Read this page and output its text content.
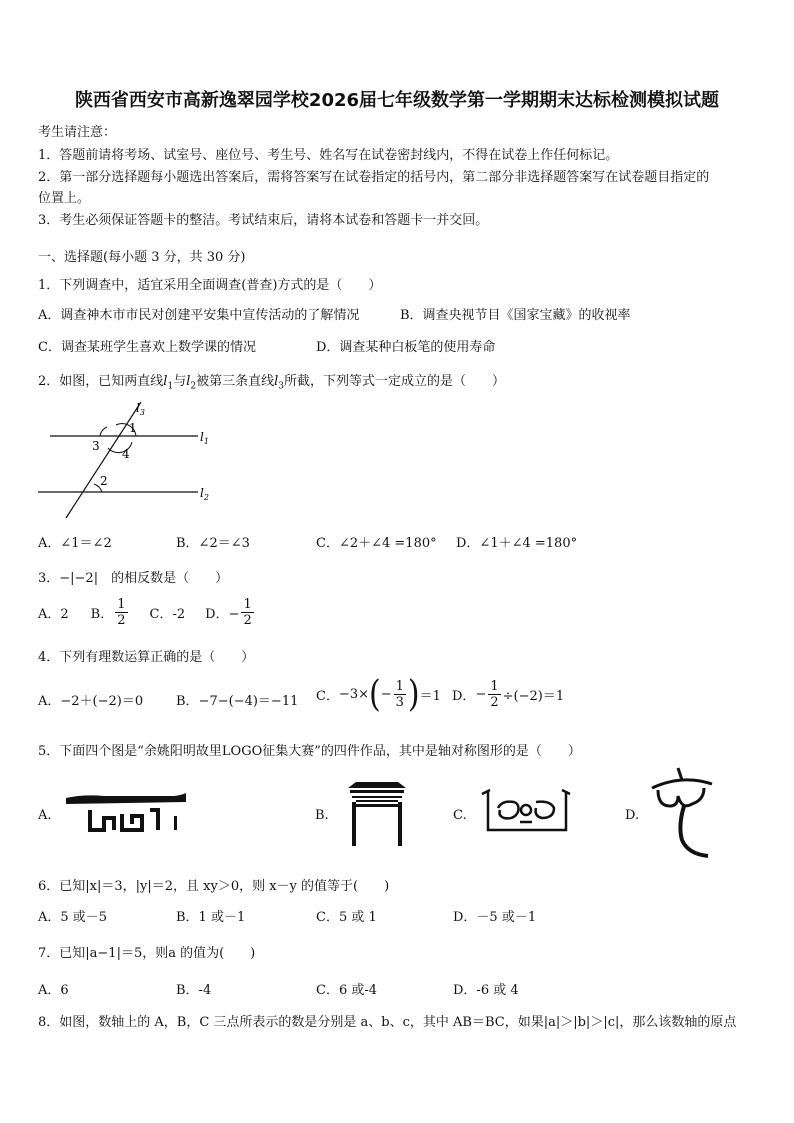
陕西省西安市高新逸翠园学校2026届七年级数学第一学期期末达标检测模拟试题
考生请注意：
1．答题前请将考场、试室号、座位号、考生号、姓名写在试卷密封线内，不得在试卷上作任何标记。
2．第一部分选择题每小题选出答案后，需将答案写在试卷指定的括号内，第二部分非选择题答案写在试卷题目指定的
位置上。
3．考生必须保证答题卡的整洁。考试结束后，请将本试卷和答题卡一并交回。
一、选择题(每小题 3 分，共 30 分)
1．下列调查中，适宜采用全面调查(普查)方式的是（　　）
A．调查神木市市民对创建平安集中宣传活动的了解情况	B．调查央视节目《国家宝藏》的收视率
C．调查某班学生喜欢上数学课的情况	D．调查某种白板笔的使用寿命
2．如图，已知两直线$l_1$与$l_2$被第三条直线$l_3$所截，下列等式一定成立的是（　　）
$l_3$
$l_1$
$l_2$
1
3
4
2
A．∠1＝∠2	B．∠2＝∠3	C．∠2＋∠4 =180° D．∠1＋∠4 =180°
3．−|−2|　 的相反数是（　　）
A．2 B． $\frac{1}{2}$ C．-2 D．− $\frac{1}{2}$
4．下列有理数运算正确的是（　　）
A．−2＋(−2)＝0	B．−7−(−4)＝−11 C． −3× ( − $\frac{1}{3}$ ) ＝1 D． − $\frac{1}{2} \div(-2)=1$
5．下面四个图是“余姚阳明故里LOGO征集大赛”的四件作品，其中是轴对称图形的是（　　）
A.	B.	C.	D.
6．已知|x|＝3，|y|＝2，且 xy＞0，则 x－y 的值等于(　　)
A．5 或－5	B．1 或－1	C．5 或 1	D．－5 或－1
7．已知|a−1|＝5，则a 的值为(　　)
A．6	B．-4	C．6 或-4	D．-6 或 4
8．如图，数轴上的 A，B，C 三点所表示的数是分别是 a、b、c，其中 AB＝BC，如果|a|＞|b|＞|c|，那么该数轴的原点
